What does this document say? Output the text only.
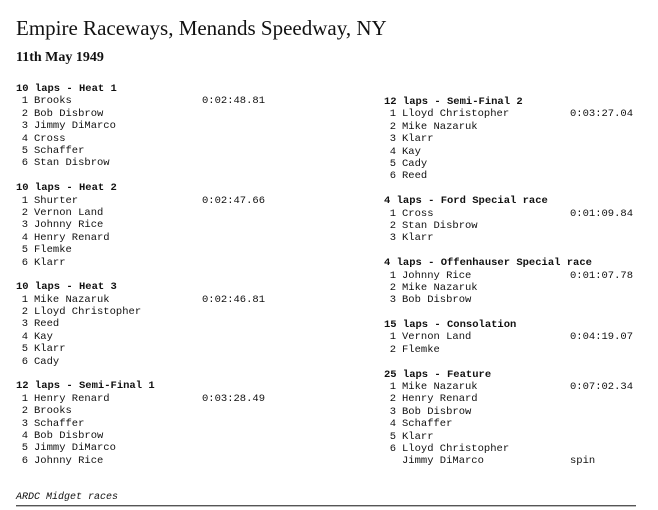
Empire Raceways, Menands Speedway, NY
11th May 1949
10 laps - Heat 1
1 Brooks	0:02:48.81
2 Bob Disbrow
3 Jimmy DiMarco
4 Cross
5 Schaffer
6 Stan Disbrow
10 laps - Heat 2
1 Shurter	0:02:47.66
2 Vernon Land
3 Johnny Rice
4 Henry Renard
5 Flemke
6 Klarr
10 laps - Heat 3
1 Mike Nazaruk	0:02:46.81
2 Lloyd Christopher
3 Reed
4 Kay
5 Klarr
6 Cady
12 laps - Semi-Final 1
1 Henry Renard	0:03:28.49
2 Brooks
3 Schaffer
4 Bob Disbrow
5 Jimmy DiMarco
6 Johnny Rice
12 laps - Semi-Final 2
1 Lloyd Christopher	0:03:27.04
2 Mike Nazaruk
3 Klarr
4 Kay
5 Cady
6 Reed
4 laps - Ford Special race
1 Cross	0:01:09.84
2 Stan Disbrow
3 Klarr
4 laps - Offenhauser Special race
1 Johnny Rice	0:01:07.78
2 Mike Nazaruk
3 Bob Disbrow
15 laps - Consolation
1 Vernon Land	0:04:19.07
2 Flemke
25 laps - Feature
1 Mike Nazaruk	0:07:02.34
2 Henry Renard
3 Bob Disbrow
4 Schaffer
5 Klarr
6 Lloyd Christopher
Jimmy DiMarco	spin
ARDC Midget races
